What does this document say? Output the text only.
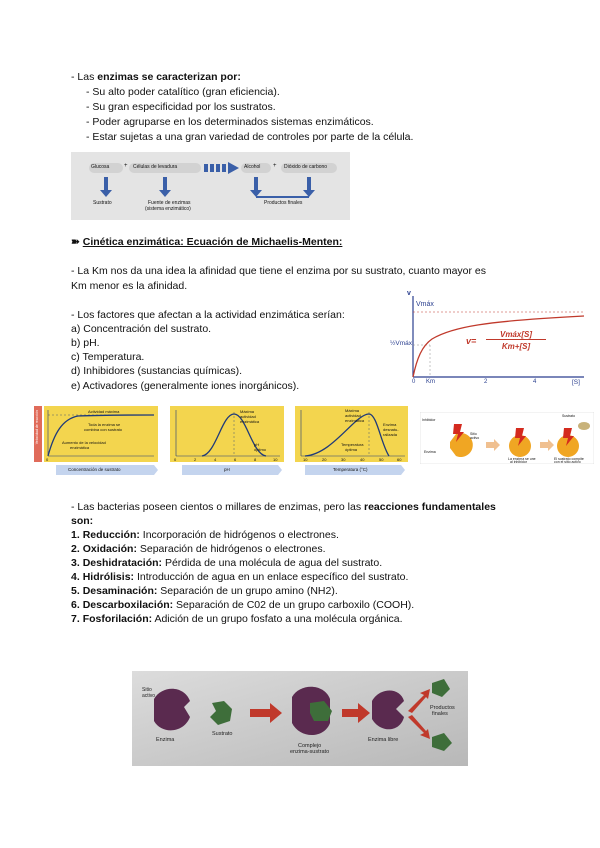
- Las enzimas se caracterizan por:
- Su alto poder catalítico (gran eficiencia).
- Su gran especificidad por los sustratos.
- Poder agruparse en los determinados sistemas enzimáticos.
- Estar sujetas a una gran variedad de controles por parte de la célula.
Glucosa + Células de levadura	Alcohol + Dióxido de carbono
Sustrato	Fuente de enzimas
(sistema enzimático)
Productos finales
➽ Cinética enzimática: Ecuación de Michaelis-Menten:
- La Km nos da una idea la afinidad que tiene el enzima por su sustrato, cuanto mayor es
Km menor es la afinidad.
- Los factores que afectan a la actividad enzimática serían:
a) Concentración del sustrato.
b) pH.
c) Temperatura.
d) Inhibidores (sustancias químicas).
e) Activadores (generalmente iones inorgánicos).
v
Vmáx
½Vmáx	v=
Vmáx[S]
Km+[S]
0 Km	2	4	[S]
Velocidad de reacción	Actividad máxima
Toda la enzima se
combina con sustrato
Aumento de la velocidad
enzimática
0
Concentración de sustrato
Máxima
actividad
enzimática
pH
óptimo
0	2	4	6	8	10
pH
Máxima
actividad
enzimática
Enzima
desnatu-
ralizada
Temperatura
óptima
10	20	30	40	50	60
Temperatura (°C)
Inhibidor
Sitio
activo
Sustrato
Enzima
La enzima se une
al inhibidor
El sustrato compite
con el sitio activo
- Las bacterias poseen cientos o millares de enzimas, pero las reacciones fundamentales
son:
1. Reducción: Incorporación de hidrógenos o electrones.
2. Oxidación: Separación de hidrógenos o electrones.
3. Deshidratación: Pérdida de una molécula de agua del sustrato.
4. Hidrólisis: Introducción de agua en un enlace específico del sustrato.
5. Desaminación: Separación de un grupo amino (NH2).
6. Descarboxilación: Separación de C02 de un grupo carboxilo (COOH).
7. Fosforilación: Adición de un grupo fosfato a una molécula orgánica.
Sitio
activo
Enzima
Sustrato
Complejo
enzima-sustrato
Enzima libre
Productos
finales
